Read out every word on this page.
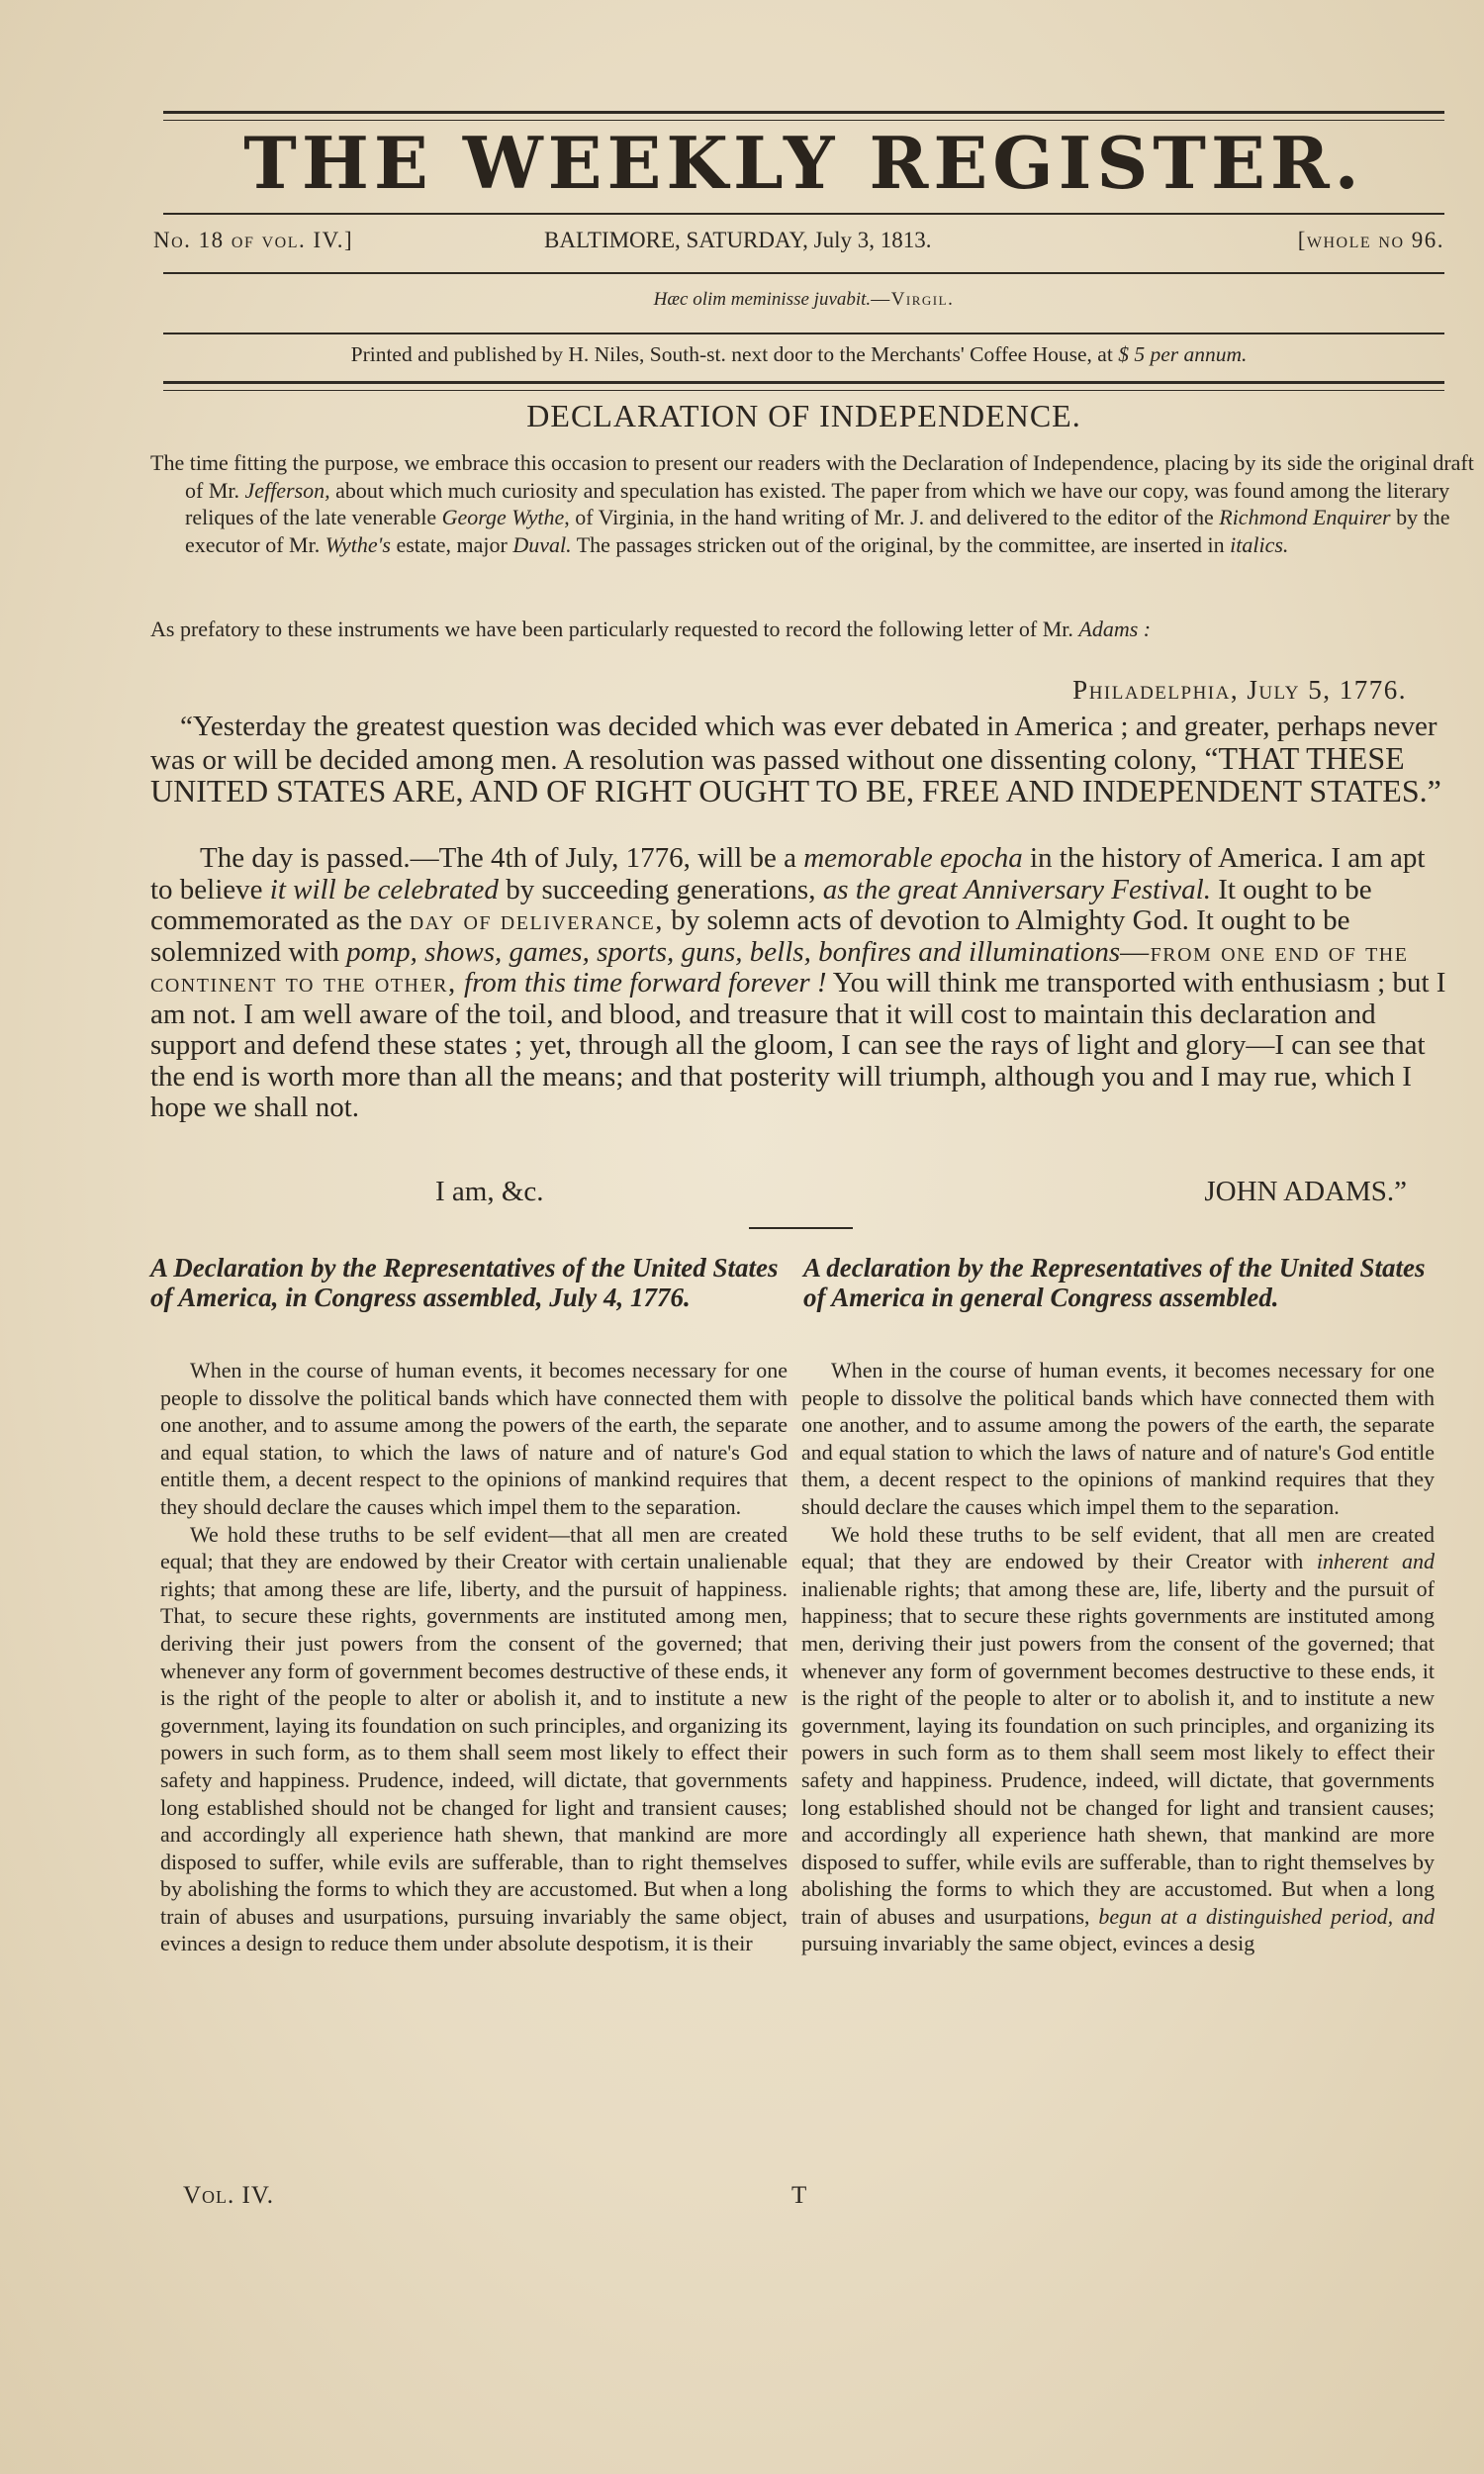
THE WEEKLY REGISTER.
No. 18 of vol. IV.]	BALTIMORE, SATURDAY, July 3, 1813.	[whole no 96.
Hæc olim meminisse juvabit.—Virgil.
Printed and published by H. Niles, South-st. next door to the Merchants' Coffee House, at $ 5 per annum.
DECLARATION OF INDEPENDENCE.

The time fitting the purpose, we embrace this occasion to present our readers with the Declaration of Independence, placing by its side the original draft of Mr. Jefferson, about which much curiosity and speculation has existed. The paper from which we have our copy, was found among the literary reliques of the late venerable George Wythe, of Virginia, in the hand writing of Mr. J. and delivered to the editor of the Richmond Enquirer by the executor of Mr. Wythe's estate, major Duval. The passages stricken out of the original, by the committee, are inserted in italics.

As prefatory to these instruments we have been particularly requested to record the following letter of Mr. Adams :

Philadelphia, July 5, 1776.

“Yesterday the greatest question was decided which was ever debated in America ; and greater, perhaps never was or will be decided among men. A resolution was passed without one dissenting colony, “THAT THESE UNITED STATES ARE, AND OF RIGHT OUGHT TO BE, FREE AND INDEPENDENT STATES.”

The day is passed.—The 4th of July, 1776, will be a memorable epocha in the history of America. I am apt to believe it will be celebrated by succeeding generations, as the great Anniversary Festival. It ought to be commemorated as the day of deliverance, by solemn acts of devotion to Almighty God. It ought to be solemnized with pomp, shows, games, sports, guns, bells, bonfires and illuminations—from one end of the continent to the other, from this time forward forever ! You will think me transported with enthusiasm ; but I am not. I am well aware of the toil, and blood, and treasure that it will cost to maintain this declaration and support and defend these states ; yet, through all the gloom, I can see the rays of light and glory—I can see that the end is worth more than all the means; and that posterity will triumph, although you and I may rue, which I hope we shall not.

I am, &c.	JOHN ADAMS.”

A Declaration by the Representatives of the United States of America, in Congress assembled, July 4, 1776.

When in the course of human events, it becomes necessary for one people to dissolve the political bands which have connected them with one another, and to assume among the powers of the earth, the separate and equal station, to which the laws of nature and of nature's God entitle them, a decent respect to the opinions of mankind requires that they should declare the causes which impel them to the separation.

We hold these truths to be self evident—that all men are created equal; that they are endowed by their Creator with certain unalienable rights; that among these are life, liberty, and the pursuit of happiness. That, to secure these rights, governments are instituted among men, deriving their just powers from the consent of the governed; that whenever any form of government becomes destructive of these ends, it is the right of the people to alter or abolish it, and to institute a new government, laying its foundation on such principles, and organizing its powers in such form, as to them shall seem most likely to effect their safety and happiness. Prudence, indeed, will dictate, that governments long established should not be changed for light and transient causes; and accordingly all experience hath shewn, that mankind are more disposed to suffer, while evils are sufferable, than to right themselves by abolishing the forms to which they are accustomed. But when a long train of abuses and usurpations, pursuing invariably the same object, evinces a design to reduce them under absolute despotism, it is their

A declaration by the Representatives of the United States of America in general Congress assembled.

When in the course of human events, it becomes necessary for one people to dissolve the political bands which have connected them with one another, and to assume among the powers of the earth, the separate and equal station to which the laws of nature and of nature's God entitle them, a decent respect to the opinions of mankind requires that they should declare the causes which impel them to the separation.

We hold these truths to be self evident, that all men are created equal; that they are endowed by their Creator with inherent and inalienable rights; that among these are, life, liberty and the pursuit of happiness; that to secure these rights governments are instituted among men, deriving their just powers from the consent of the governed; that whenever any form of government becomes destructive to these ends, it is the right of the people to alter or to abolish it, and to institute a new government, laying its foundation on such principles, and organizing its powers in such form as to them shall seem most likely to effect their safety and happiness. Prudence, indeed, will dictate, that governments long established should not be changed for light and transient causes; and accordingly all experience hath shewn, that mankind are more disposed to suffer, while evils are sufferable, than to right themselves by abolishing the forms to which they are accustomed. But when a long train of abuses and usurpations, begun at a distinguished period, and pursuing invariably the same object, evinces a desig

Vol. IV.	T
